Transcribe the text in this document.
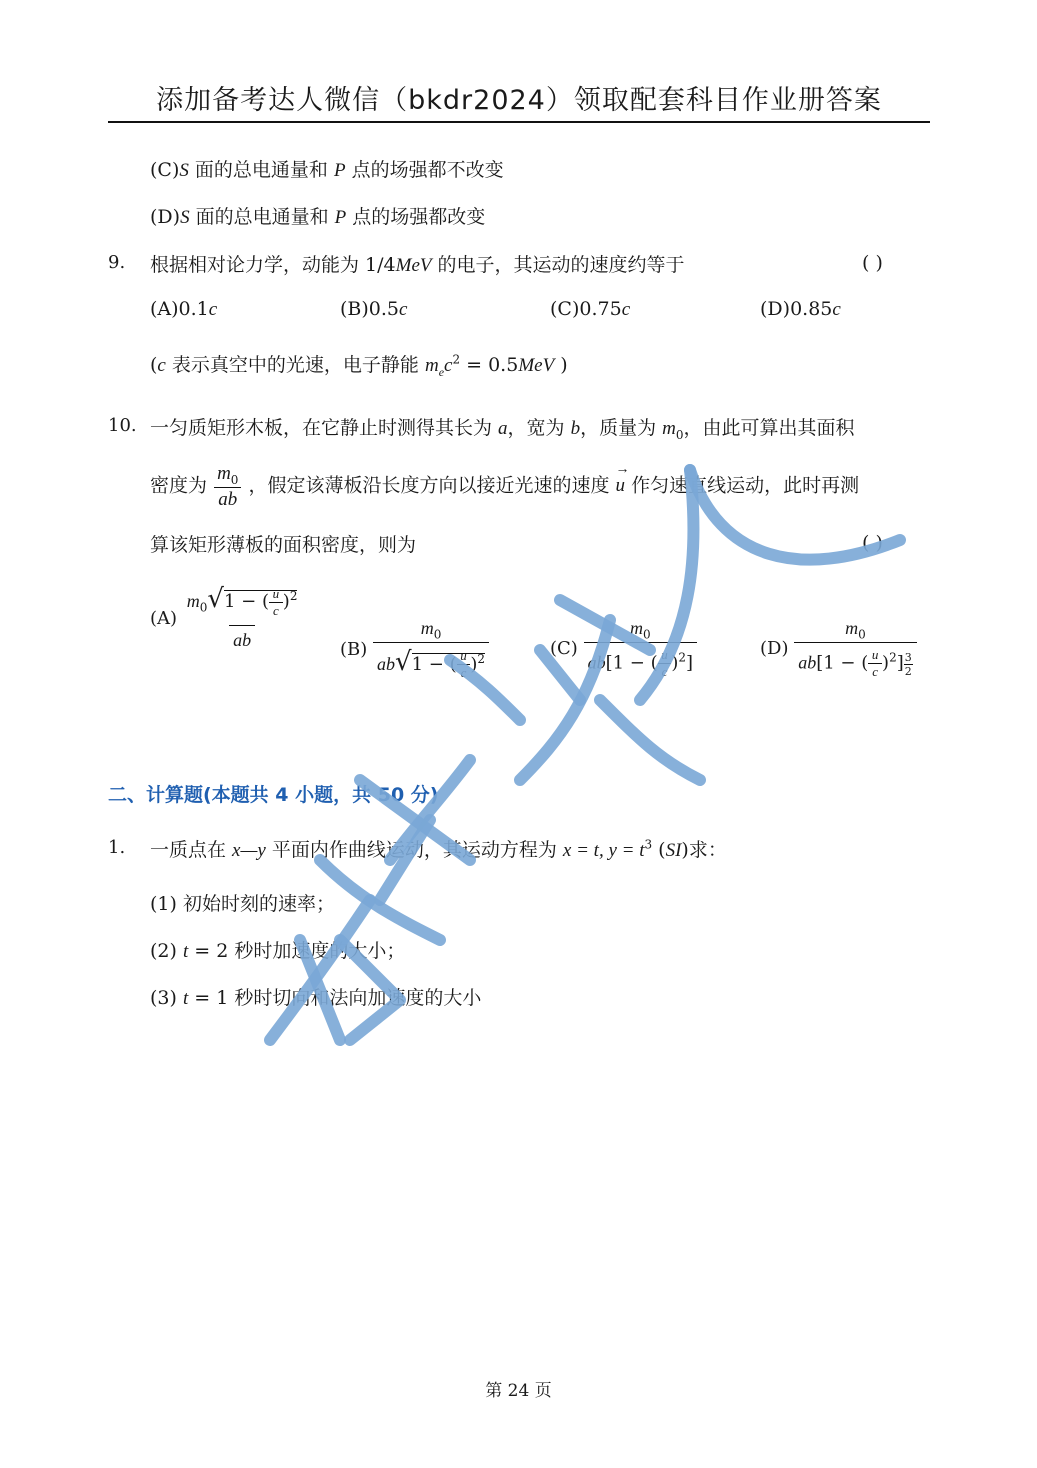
添加备考达人微信（bkdr2024）领取配套科目作业册答案
(C)S 面的总电通量和 P 点的场强都不改变
(D)S 面的总电通量和 P 点的场强都改变
9. 根据相对论力学，动能为 1/4MeV 的电子，其运动的速度约等于	( )
(A)0.1c	(B)0.5c	(C)0.75c	(D)0.85c
(c 表示真空中的光速，电子静能 $m_ec^2 = 0.5MeV$ )
10. 一匀质矩形木板，在它静止时测得其长为 a，宽为 b，质量为 $m_0$，由此可算出其面积
密度为 $\frac{m_0}{ab}$ ，假定该薄板沿长度方向以接近光速的速度
→
u 作匀速直线运动，此时再测
算该矩形薄板的面积密度，则为	( )
$(A) \frac{m_0√1 - ( \frac{u}{c} )^2}{ab} (B) \frac{m_0}{ab√1 - ( \frac{u}{c} )^2}$	$(C) \frac{m_0}{ab[1 - ( \frac{u}{c} )^2]}$	$(D) \frac{m_0}{ab[1 - ( \frac{u}{c} )^2] \frac{3}{2}}$
二、计算题(本题共 4 小题，共 50 分)
1. 一质点在 x—y 平面内作曲线运动，其运动方程为 x = t, $y = t^3$ (SI)求：
(1) 初始时刻的速率；
(2) t = 2 秒时加速度的大小；
(3) t = 1 秒时切向和法向加速度的大小
第 24 页
